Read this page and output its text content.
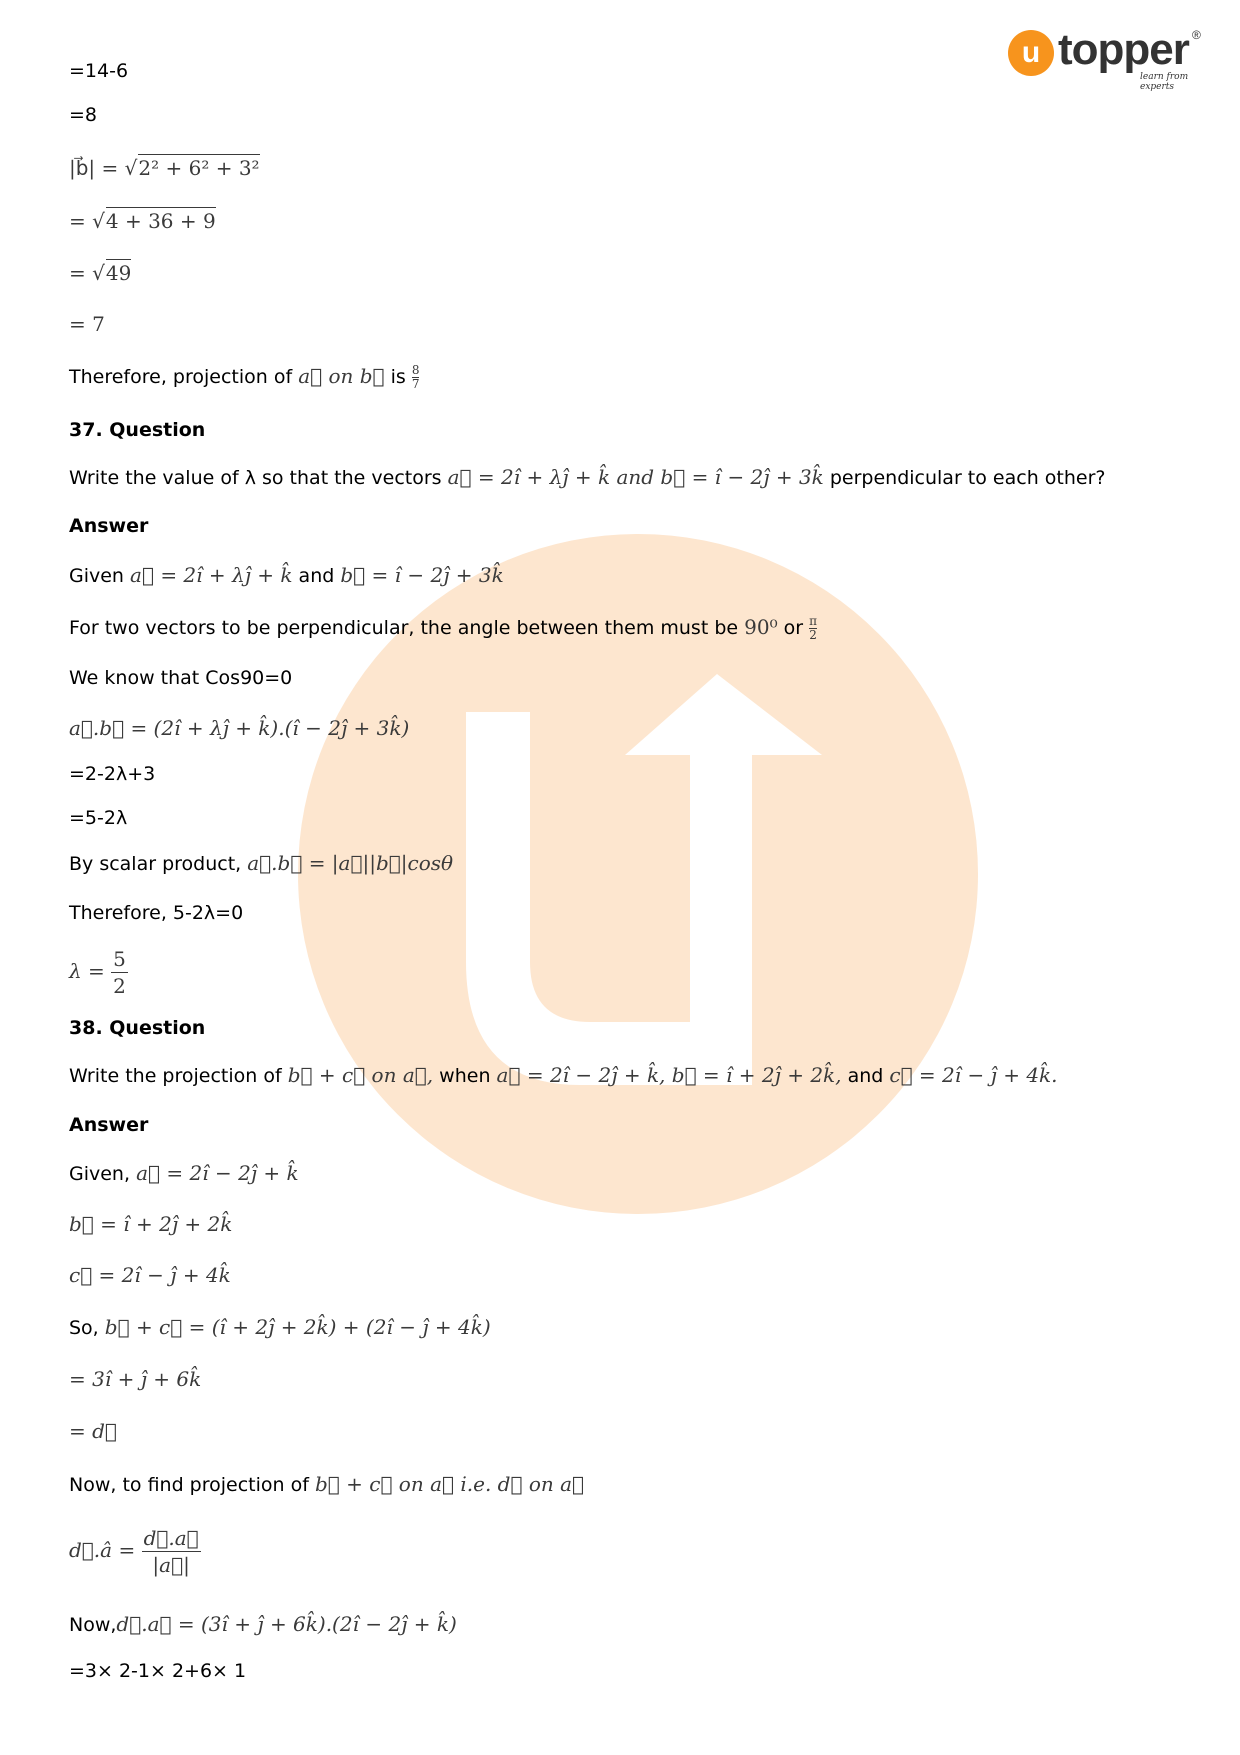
u topper ®
learn from experts
=14-6
=8
|b⃗| = √2² + 6² + 3²
= √4 + 36 + 9
= √49
= 7
Therefore, projection of a⃗ on b⃗ is $\frac{8}{7}$
37. Question
Write the value of λ so that the vectors a⃗ = 2î + λĵ + k̂ and b⃗ = î − 2ĵ + 3k̂ perpendicular to each other?
Answer
Given a⃗ = 2î + λĵ + k̂ and b⃗ = î − 2ĵ + 3k̂
For two vectors to be perpendicular, the angle between them must be 90⁰ or $\frac{\pi}{2}$
We know that Cos90=0
a⃗.b⃗ = (2î + λĵ + k̂).(î − 2ĵ + 3k̂)
=2-2λ+3
=5-2λ
By scalar product, a⃗.b⃗ = |a⃗||b⃗|cosθ
Therefore, 5-2λ=0
$\lambda = \frac{5}{2}$
38. Question
Write the projection of b⃗ + c⃗ on a⃗, when a⃗ = 2î − 2ĵ + k̂, b⃗ = î + 2ĵ + 2k̂, and c⃗ = 2î − ĵ + 4k̂.
Answer
Given, a⃗ = 2î − 2ĵ + k̂
b⃗ = î + 2ĵ + 2k̂
c⃗ = 2î − ĵ + 4k̂
So, b⃗ + c⃗ = (î + 2ĵ + 2k̂) + (2î − ĵ + 4k̂)
= 3î + ĵ + 6k̂
= d⃗
Now, to find projection of b⃗ + c⃗ on a⃗ i.e. d⃗ on a⃗
d⃗.â = $\frac{d⃗.a⃗}{|a⃗|}$
Now,d⃗.a⃗ = (3î + ĵ + 6k̂).(2î − 2ĵ + k̂)
=3× 2-1× 2+6× 1
